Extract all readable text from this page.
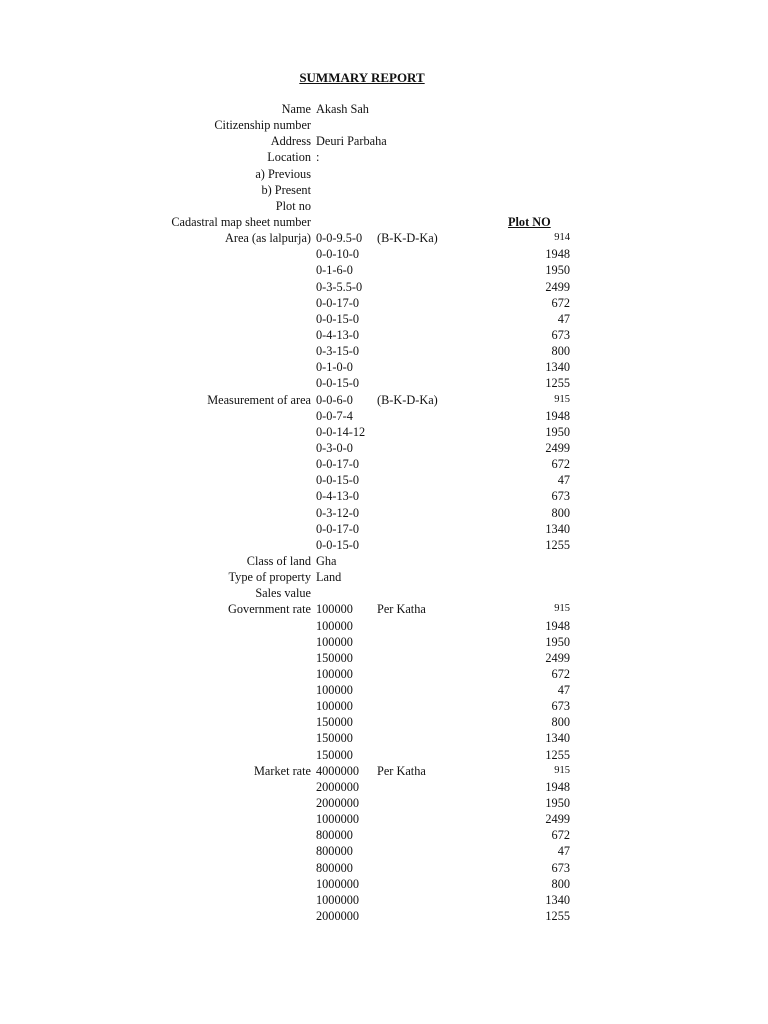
SUMMARY REPORT
Name Akash Sah
Citizenship number
Address Deuri Parbaha
Location :
a) Previous
b) Present
Plot no
Cadastral map sheet number	Plot NO
Area (as lalpurja) 0-0-9.5-0 (B-K-D-Ka)	914
0-0-10-0	1948
0-1-6-0	1950
0-3-5.5-0	2499
0-0-17-0	672
0-0-15-0	47
0-4-13-0	673
0-3-15-0	800
0-1-0-0	1340
0-0-15-0	1255
Measurement of area 0-0-6-0 (B-K-D-Ka)	915
0-0-7-4	1948
0-0-14-12	1950
0-3-0-0	2499
0-0-17-0	672
0-0-15-0	47
0-4-13-0	673
0-3-12-0	800
0-0-17-0	1340
0-0-15-0	1255
Class of land Gha
Type of property Land
Sales value
Government rate 100000 Per Katha	915
100000	1948
100000	1950
150000	2499
100000	672
100000	47
100000	673
150000	800
150000	1340
150000	1255
Market rate 4000000 Per Katha	915
2000000	1948
2000000	1950
1000000	2499
800000	672
800000	47
800000	673
1000000	800
1000000	1340
2000000	1255
